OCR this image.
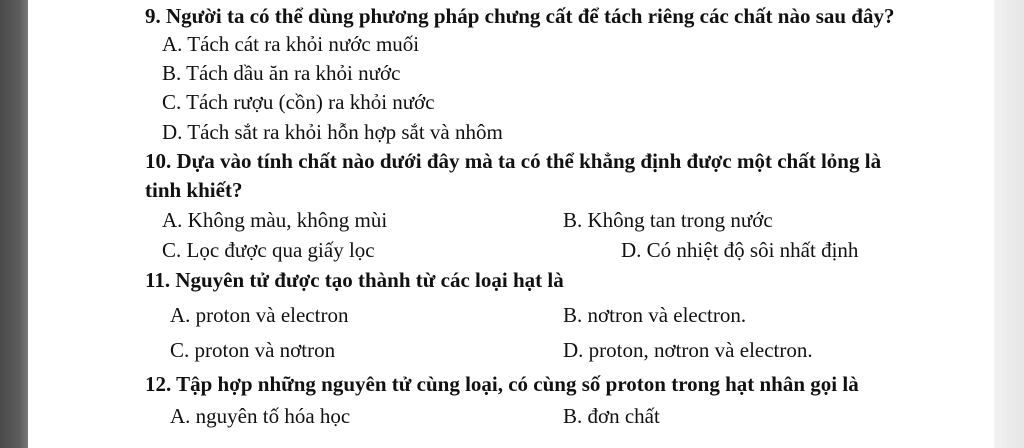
9. Người ta có thể dùng phương pháp chưng cất để tách riêng các chất nào sau đây?
A. Tách cát ra khỏi nước muối
B. Tách dầu ăn ra khỏi nước
C. Tách rượu (cồn) ra khỏi nước
D. Tách sắt ra khỏi hỗn hợp sắt và nhôm
10. Dựa vào tính chất nào dưới đây mà ta có thể khẳng định được một chất lỏng là
tinh khiết?
A. Không màu, không mùi	B. Không tan trong nước
C. Lọc được qua giấy lọc	D. Có nhiệt độ sôi nhất định
11. Nguyên tử được tạo thành từ các loại hạt là
A. proton và electron	B. nơtron và electron.
C. proton và nơtron	D. proton, nơtron và electron.
12. Tập hợp những nguyên tử cùng loại, có cùng số proton trong hạt nhân gọi là
A. nguyên tố hóa học	B. đơn chất
